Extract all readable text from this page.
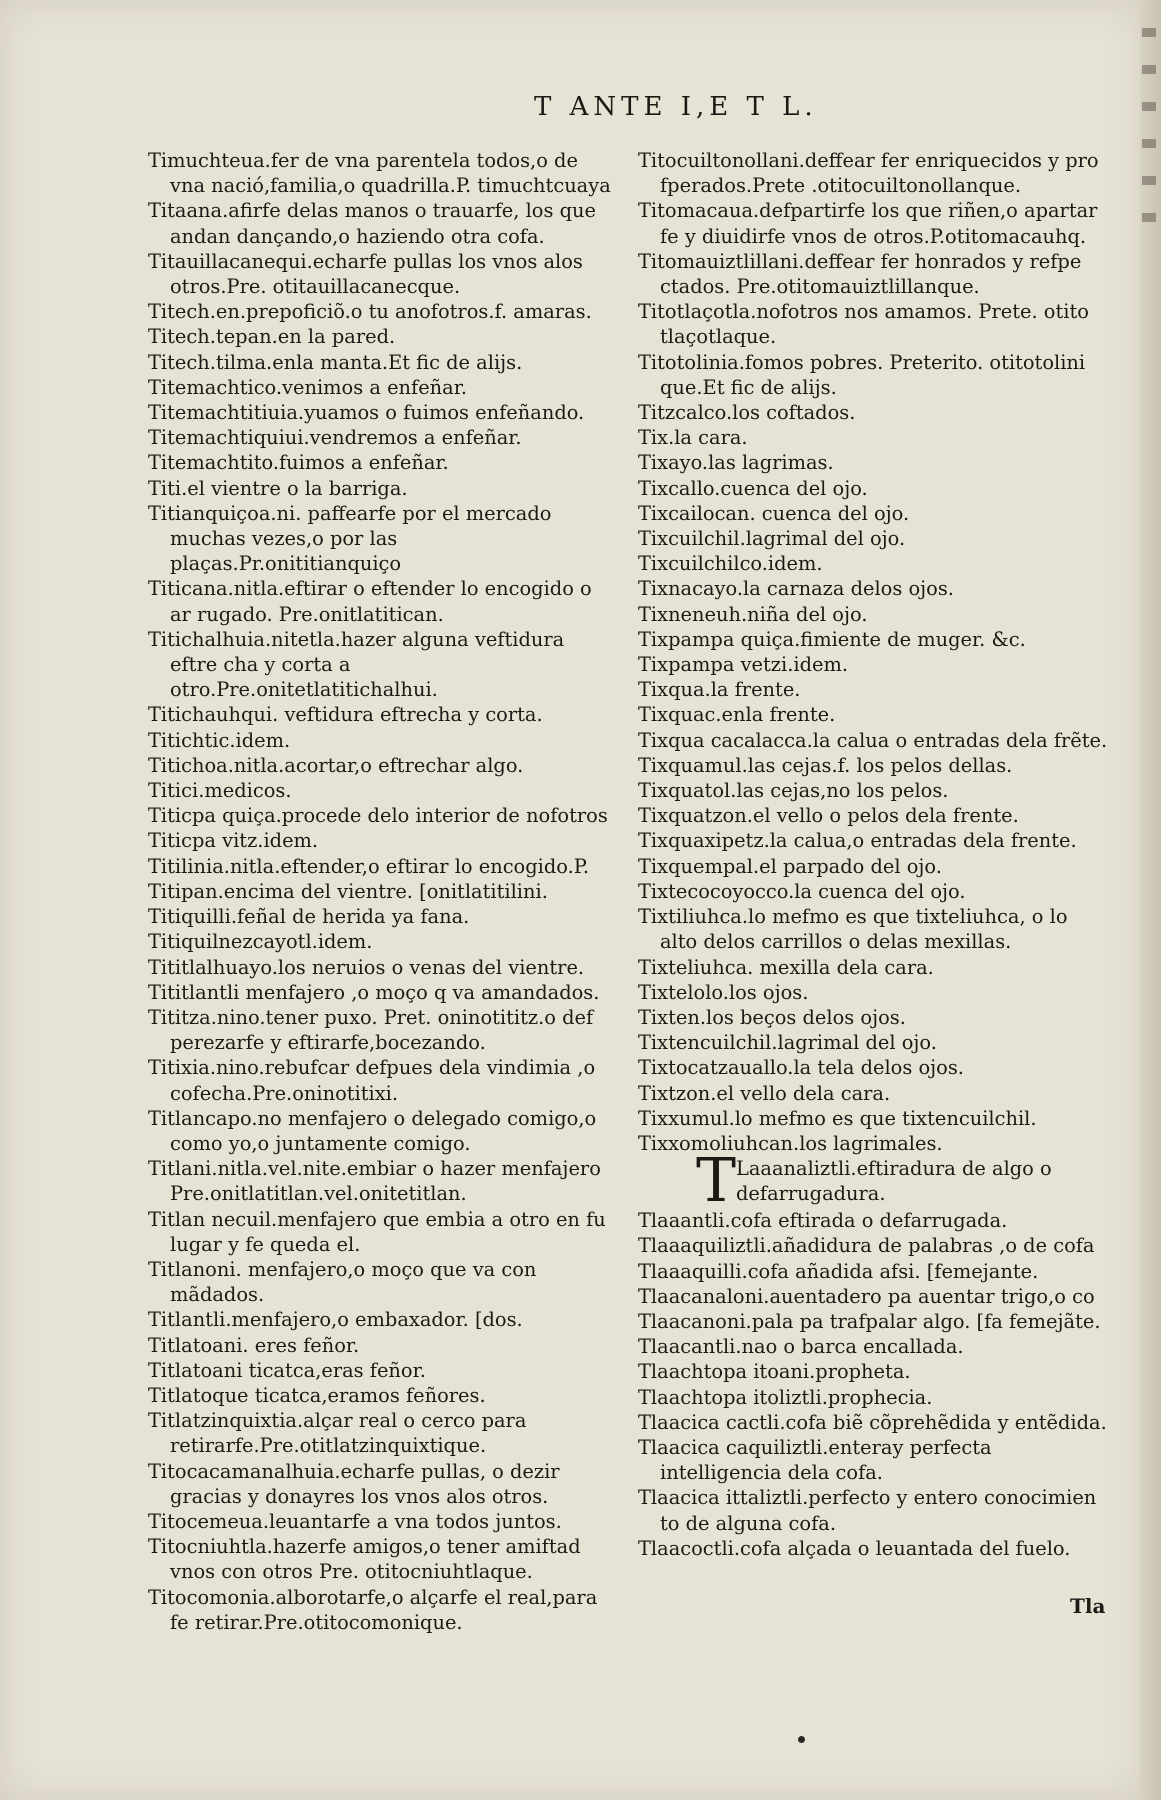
T ANTE I,E T L.

Timuchteua.fer de vna parentela todos,o de vna nació,familia,o quadrilla.P. timuchtcuaya

Titaana.afirfe delas manos o trauarfe, los que andan dançando,o haziendo otra cofa.

Titauillacanequi.echarfe pullas los vnos alos otros.Pre. otitauillacanecque.

Titech.en.prepoficiõ.o tu anofotros.f. amaras.

Titech.tepan.en la pared.

Titech.tilma.enla manta.Et fic de alijs.

Titemachtico.venimos a enfeñar.

Titemachtitiuia.yuamos o fuimos enfeñando.

Titemachtiquiui.vendremos a enfeñar.

Titemachtito.fuimos a enfeñar.

Titi.el vientre o la barriga.

Titianquiçoa.ni. paffearfe por el mercado muchas vezes,o por las plaças.Pr.onititianquiço

Titicana.nitla.eftirar o eftender lo encogido o ar rugado. Pre.onitlatitican.

Titichalhuia.nitetla.hazer alguna veftidura eftre cha y corta a otro.Pre.onitetlatitichalhui.

Titichauhqui. veftidura eftrecha y corta.

Titichtic.idem.

Titichoa.nitla.acortar,o eftrechar algo.

Titici.medicos.

Titicpa quiça.procede delo interior de nofotros

Titicpa vitz.idem.

Titilinia.nitla.eftender,o eftirar lo encogido.P.

Titipan.encima del vientre. [onitlatitilini.

Titiquilli.feñal de herida ya fana.

Titiquilnezcayotl.idem.

Tititlalhuayo.los neruios o venas del vientre.

Tititlantli menfajero ,o moço q va amandados.

Tititza.nino.tener puxo. Pret. oninotititz.o def perezarfe y eftirarfe,bocezando.

Titixia.nino.rebufcar defpues dela vindimia ,o cofecha.Pre.oninotitixi.

Titlancapo.no menfajero o delegado comigo,o como yo,o juntamente comigo.

Titlani.nitla.vel.nite.embiar o hazer menfajero Pre.onitlatitlan.vel.onitetitlan.

Titlan necuil.menfajero que embia a otro en fu lugar y fe queda el.

Titlanoni. menfajero,o moço que va con mãdados.

Titlantli.menfajero,o embaxador. [dos.

Titlatoani. eres feñor.

Titlatoani ticatca,eras feñor.

Titlatoque ticatca,eramos feñores.

Titlatzinquixtia.alçar real o cerco para retirarfe.Pre.otitlatzinquixtique.

Titocacamanalhuia.echarfe pullas, o dezir gracias y donayres los vnos alos otros.

Titocemeua.leuantarfe a vna todos juntos.

Titocniuhtla.hazerfe amigos,o tener amiftad vnos con otros Pre. otitocniuhtlaque.

Titocomonia.alborotarfe,o alçarfe el real,para fe retirar.Pre.otitocomonique.

Titocuiltonollani.deffear fer enriquecidos y pro fperados.Prete .otitocuiltonollanque.

Titomacaua.defpartirfe los que riñen,o apartar fe y diuidirfe vnos de otros.P.otitomacauhq.

Titomauiztlillani.deffear fer honrados y refpe ctados. Pre.otitomauiztlillanque.

Titotlaçotla.nofotros nos amamos. Prete. otito tlaçotlaque.

Titotolinia.fomos pobres. Preterito. otitotolini que.Et fic de alijs.

Titzcalco.los coftados.

Tix.la cara.

Tixayo.las lagrimas.

Tixcallo.cuenca del ojo.

Tixcailocan. cuenca del ojo.

Tixcuilchil.lagrimal del ojo.

Tixcuilchilco.idem.

Tixnacayo.la carnaza delos ojos.

Tixneneuh.niña del ojo.

Tixpampa quiça.fimiente de muger. &c.

Tixpampa vetzi.idem.

Tixqua.la frente.

Tixquac.enla frente.

Tixqua cacalacca.la calua o entradas dela frẽte.

Tixquamul.las cejas.f. los pelos dellas.

Tixquatol.las cejas,no los pelos.

Tixquatzon.el vello o pelos dela frente.

Tixquaxipetz.la calua,o entradas dela frente.

Tixquempal.el parpado del ojo.

Tixtecocoyocco.la cuenca del ojo.

Tixtiliuhca.lo mefmo es que tixteliuhca, o lo alto delos carrillos o delas mexillas.

Tixteliuhca. mexilla dela cara.

Tixtelolo.los ojos.

Tixten.los beços delos ojos.

Tixtencuilchil.lagrimal del ojo.

Tixtocatzauallo.la tela delos ojos.

Tixtzon.el vello dela cara.

Tixxumul.lo mefmo es que tixtencuilchil.

Tixxomoliuhcan.los lagrimales.

T Laaanaliztli.eftiradura de algo o defarrugadura.

Tlaaantli.cofa eftirada o defarrugada.

Tlaaaquiliztli.añadidura de palabras ,o de cofa

Tlaaaquilli.cofa añadida afsi. [femejante.

Tlaacanaloni.auentadero pa auentar trigo,o co

Tlaacanoni.pala pa trafpalar algo. [fa femejãte.

Tlaacantli.nao o barca encallada.

Tlaachtopa itoani.propheta.

Tlaachtopa itoliztli.prophecia.

Tlaacica cactli.cofa biẽ cõprehẽdida y entẽdida.

Tlaacica caquiliztli.enteray perfecta intelligencia dela cofa.

Tlaacica ittaliztli.perfecto y entero conocimien to de alguna cofa.

Tlaacoctli.cofa alçada o leuantada del fuelo.

Tla
